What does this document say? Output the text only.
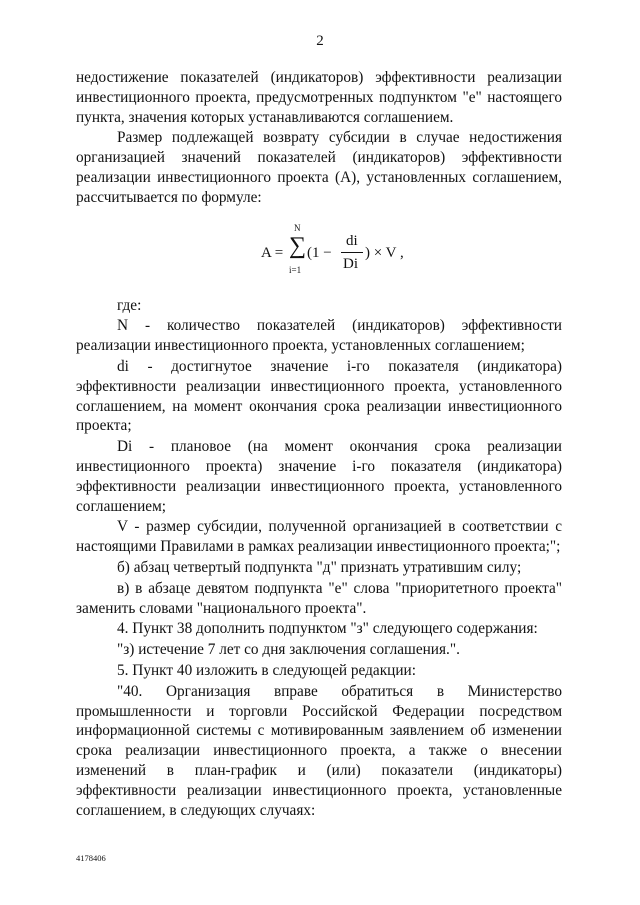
2

недостижение показателей (индикаторов) эффективности реализации инвестиционного проекта, предусмотренных подпунктом "е" настоящего пункта, значения которых устанавливаются соглашением.

Размер подлежащей возврату субсидии в случае недостижения организацией значений показателей (индикаторов) эффективности реализации инвестиционного проекта (А), установленных соглашением, рассчитывается по формуле:

A =
N
∑
i=1
(1 −
di
Di
) × V ,

где:

N - количество показателей (индикаторов) эффективности реализации инвестиционного проекта, установленных соглашением;

di - достигнутое значение i-го показателя (индикатора) эффективности реализации инвестиционного проекта, установленного соглашением, на момент окончания срока реализации инвестиционного проекта;

Di - плановое (на момент окончания срока реализации инвестиционного проекта) значение i-го показателя (индикатора) эффективности реализации инвестиционного проекта, установленного соглашением;

V - размер субсидии, полученной организацией в соответствии с настоящими Правилами в рамках реализации инвестиционного проекта;";

б) абзац четвертый подпункта "д" признать утратившим силу;

в) в абзаце девятом подпункта "е" слова "приоритетного проекта" заменить словами "национального проекта".

4. Пункт 38 дополнить подпунктом "з" следующего содержания:

"з) истечение 7 лет со дня заключения соглашения.".

5. Пункт 40 изложить в следующей редакции:

"40. Организация вправе обратиться в Министерство промышленности и торговли Российской Федерации посредством информационной системы с мотивированным заявлением об изменении срока реализации инвестиционного проекта, а также о внесении изменений в план-график и (или) показатели (индикаторы) эффективности реализации инвестиционного проекта, установленные соглашением, в следующих случаях:

4178406
